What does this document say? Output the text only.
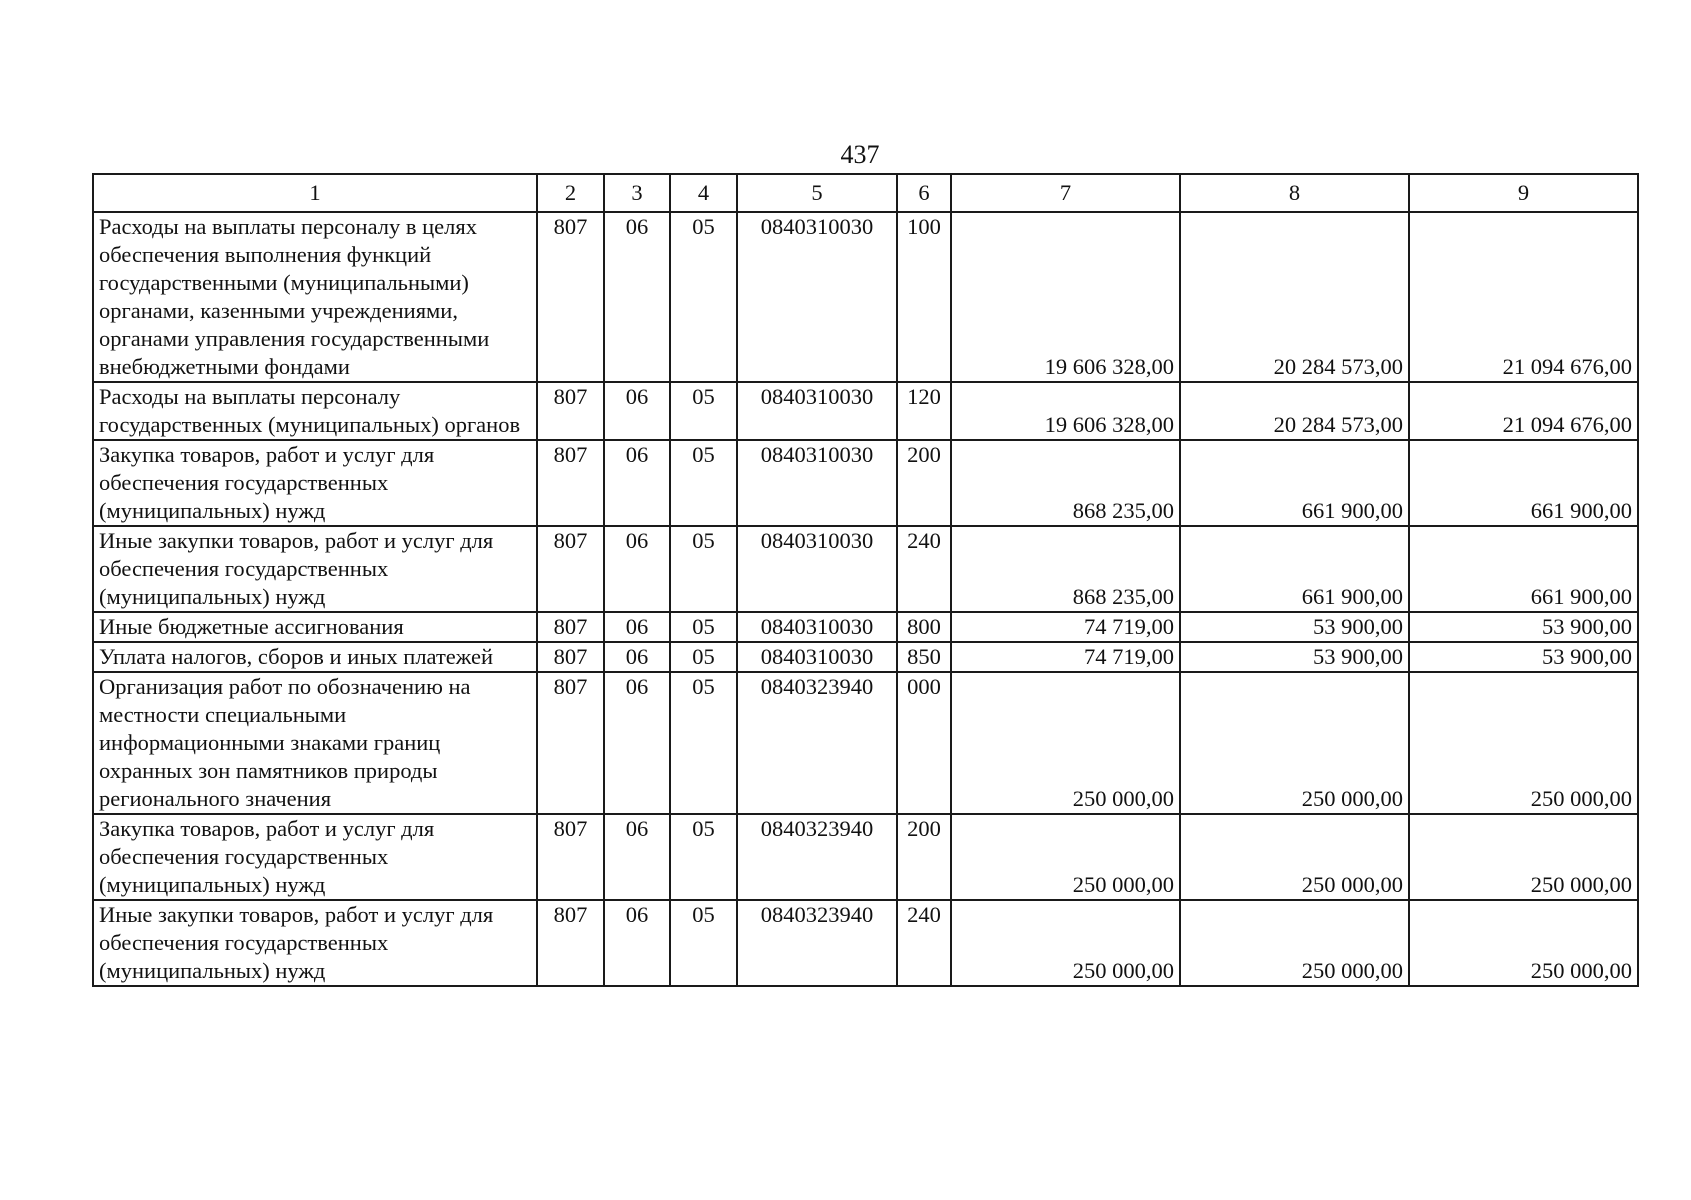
437
1	2	3	4	5	6	7	8	9
Расходы на выплаты персоналу в целях обеспечения выполнения функций государственными (муниципальными) органами, казенными учреждениями, органами управления государственными внебюджетными фондами	807	06	05	0840310030	100	19 606 328,00	20 284 573,00	21 094 676,00
Расходы на выплаты персоналу государственных (муниципальных) органов	807	06	05	0840310030	120	19 606 328,00	20 284 573,00	21 094 676,00
Закупка товаров, работ и услуг для обеспечения государственных (муниципальных) нужд	807	06	05	0840310030	200	868 235,00	661 900,00	661 900,00
Иные закупки товаров, работ и услуг для обеспечения государственных (муниципальных) нужд	807	06	05	0840310030	240	868 235,00	661 900,00	661 900,00
Иные бюджетные ассигнования	807	06	05	0840310030	800	74 719,00	53 900,00	53 900,00
Уплата налогов, сборов и иных платежей	807	06	05	0840310030	850	74 719,00	53 900,00	53 900,00
Организация работ по обозначению на местности специальными информационными знаками границ охранных зон памятников природы регионального значения	807	06	05	0840323940	000	250 000,00	250 000,00	250 000,00
Закупка товаров, работ и услуг для обеспечения государственных (муниципальных) нужд	807	06	05	0840323940	200	250 000,00	250 000,00	250 000,00
Иные закупки товаров, работ и услуг для обеспечения государственных (муниципальных) нужд	807	06	05	0840323940	240	250 000,00	250 000,00	250 000,00
